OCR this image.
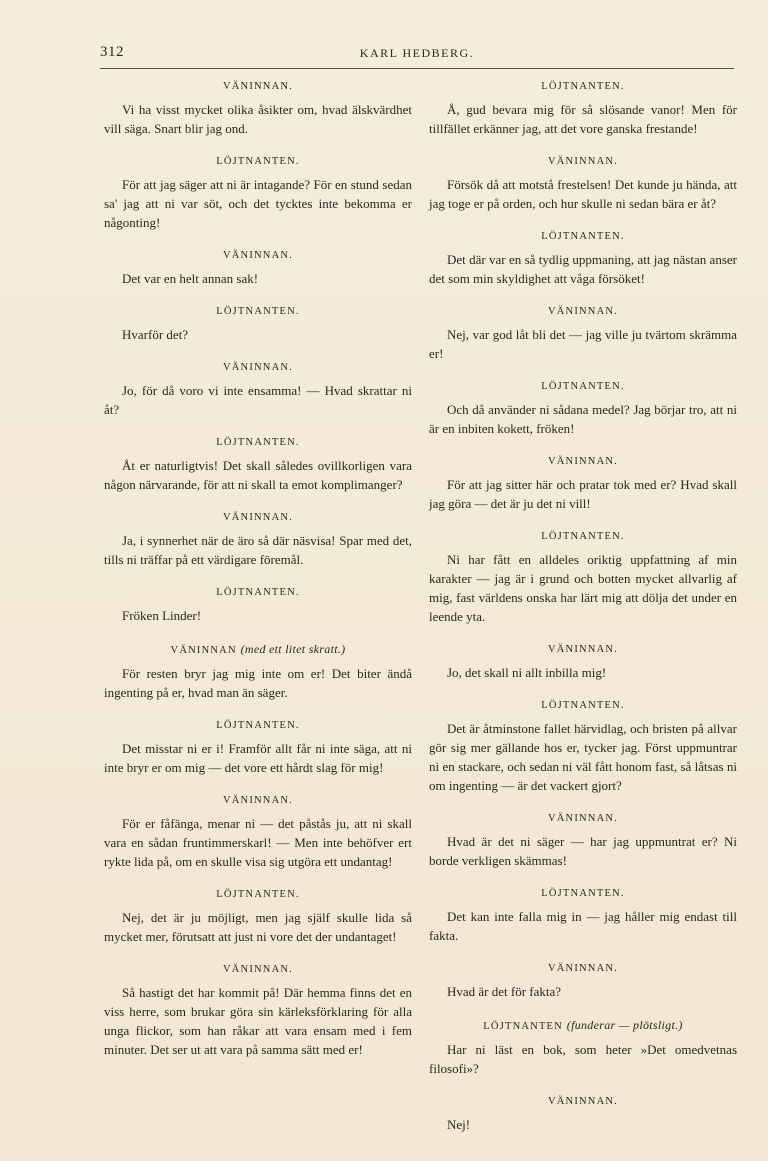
312	KARL HEDBERG.
VÄNINNAN.

Vi ha visst mycket olika åsikter om, hvad älskvärdhet vill säga. Snart blir jag ond.

LÖJTNANTEN.

För att jag säger att ni är intagande? För en stund sedan sa' jag att ni var söt, och det tycktes inte bekomma er någonting!

VÄNINNAN.

Det var en helt annan sak!

LÖJTNANTEN.

Hvarför det?

VÄNINNAN.

Jo, för då voro vi inte ensamma! — Hvad skrattar ni åt?

LÖJTNANTEN.

Åt er naturligtvis! Det skall således ovillkorligen vara någon närvarande, för att ni skall ta emot komplimanger?

VÄNINNAN.

Ja, i synnerhet när de äro så där näsvisa! Spar med det, tills ni träffar på ett värdigare föremål.

LÖJTNANTEN.

Fröken Linder!

VÄNINNAN (med ett litet skratt.)

För resten bryr jag mig inte om er! Det biter ändå ingenting på er, hvad man än säger.

LÖJTNANTEN.

Det misstar ni er i! Framför allt får ni inte säga, att ni inte bryr er om mig — det vore ett hårdt slag för mig!

VÄNINNAN.

För er fåfänga, menar ni — det påstås ju, att ni skall vara en sådan fruntimmerskarl! — Men inte behöfver ert rykte lida på, om en skulle visa sig utgöra ett undantag!

LÖJTNANTEN.

Nej, det är ju möjligt, men jag själf skulle lida så mycket mer, förutsatt att just ni vore det der undantaget!

VÄNINNAN.

Så hastigt det har kommit på! Där hemma finns det en viss herre, som brukar göra sin kärleksförklaring för alla unga flickor, som han råkar att vara ensam med i fem minuter. Det ser ut att vara på samma sätt med er!

LÖJTNANTEN.

Å, gud bevara mig för så slösande vanor! Men för tillfället erkänner jag, att det vore ganska frestande!

VÄNINNAN.

Försök då att motstå frestelsen! Det kunde ju hända, att jag toge er på orden, och hur skulle ni sedan bära er åt?

LÖJTNANTEN.

Det där var en så tydlig uppmaning, att jag nästan anser det som min skyldighet att våga försöket!

VÄNINNAN.

Nej, var god låt bli det — jag ville ju tvärtom skrämma er!

LÖJTNANTEN.

Och då använder ni sådana medel? Jag börjar tro, att ni är en inbiten kokett, fröken!

VÄNINNAN.

För att jag sitter här och pratar tok med er? Hvad skall jag göra — det är ju det ni vill!

LÖJTNANTEN.

Ni har fått en alldeles oriktig uppfattning af min karakter — jag är i grund och botten mycket allvarlig af mig, fast världens onska har lärt mig att dölja det under en leende yta.

VÄNINNAN.

Jo, det skall ni allt inbilla mig!

LÖJTNANTEN.

Det är åtminstone fallet härvidlag, och bristen på allvar gör sig mer gällande hos er, tycker jag. Först uppmuntrar ni en stackare, och sedan ni väl fått honom fast, så låtsas ni om ingenting — är det vackert gjort?

VÄNINNAN.

Hvad är det ni säger — har jag uppmuntrat er? Ni borde verkligen skämmas!

LÖJTNANTEN.

Det kan inte falla mig in — jag håller mig endast till fakta.

VÄNINNAN.

Hvad är det för fakta?

LÖJTNANTEN (funderar — plötsligt.)

Har ni läst en bok, som heter »Det omedvetnas filosofi»?

VÄNINNAN.

Nej!
